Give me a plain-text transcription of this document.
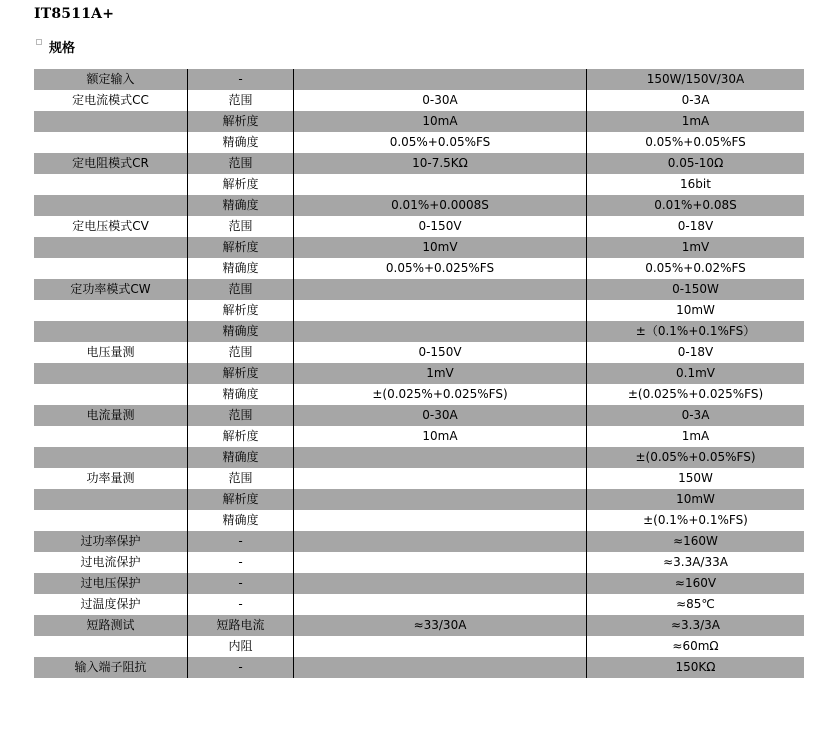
IT8511A+
规格
额定输入	-		150W/150V/30A
定电流模式CC	范围	0-30A	0-3A
	解析度	10mA	1mA
	精确度	0.05%+0.05%FS	0.05%+0.05%FS
定电阻模式CR	范围	10-7.5KΩ	0.05-10Ω
	解析度		16bit
	精确度	0.01%+0.0008S	0.01%+0.08S
定电压模式CV	范围	0-150V	0-18V
	解析度	10mV	1mV
	精确度	0.05%+0.025%FS	0.05%+0.02%FS
定功率模式CW	范围		0-150W
	解析度		10mW
	精确度		±（0.1%+0.1%FS）
电压量测	范围	0-150V	0-18V
	解析度	1mV	0.1mV
	精确度	±(0.025%+0.025%FS)	±(0.025%+0.025%FS)
电流量测	范围	0-30A	0-3A
	解析度	10mA	1mA
	精确度		±(0.05%+0.05%FS)
功率量测	范围		150W
	解析度		10mW
	精确度		±(0.1%+0.1%FS)
过功率保护	-		≈160W
过电流保护	-		≈3.3A/33A
过电压保护	-		≈160V
过温度保护	-		≈85℃
短路测试	短路电流	≈33/30A	≈3.3/3A
	内阻		≈60mΩ
输入端子阻抗	-		150KΩ
